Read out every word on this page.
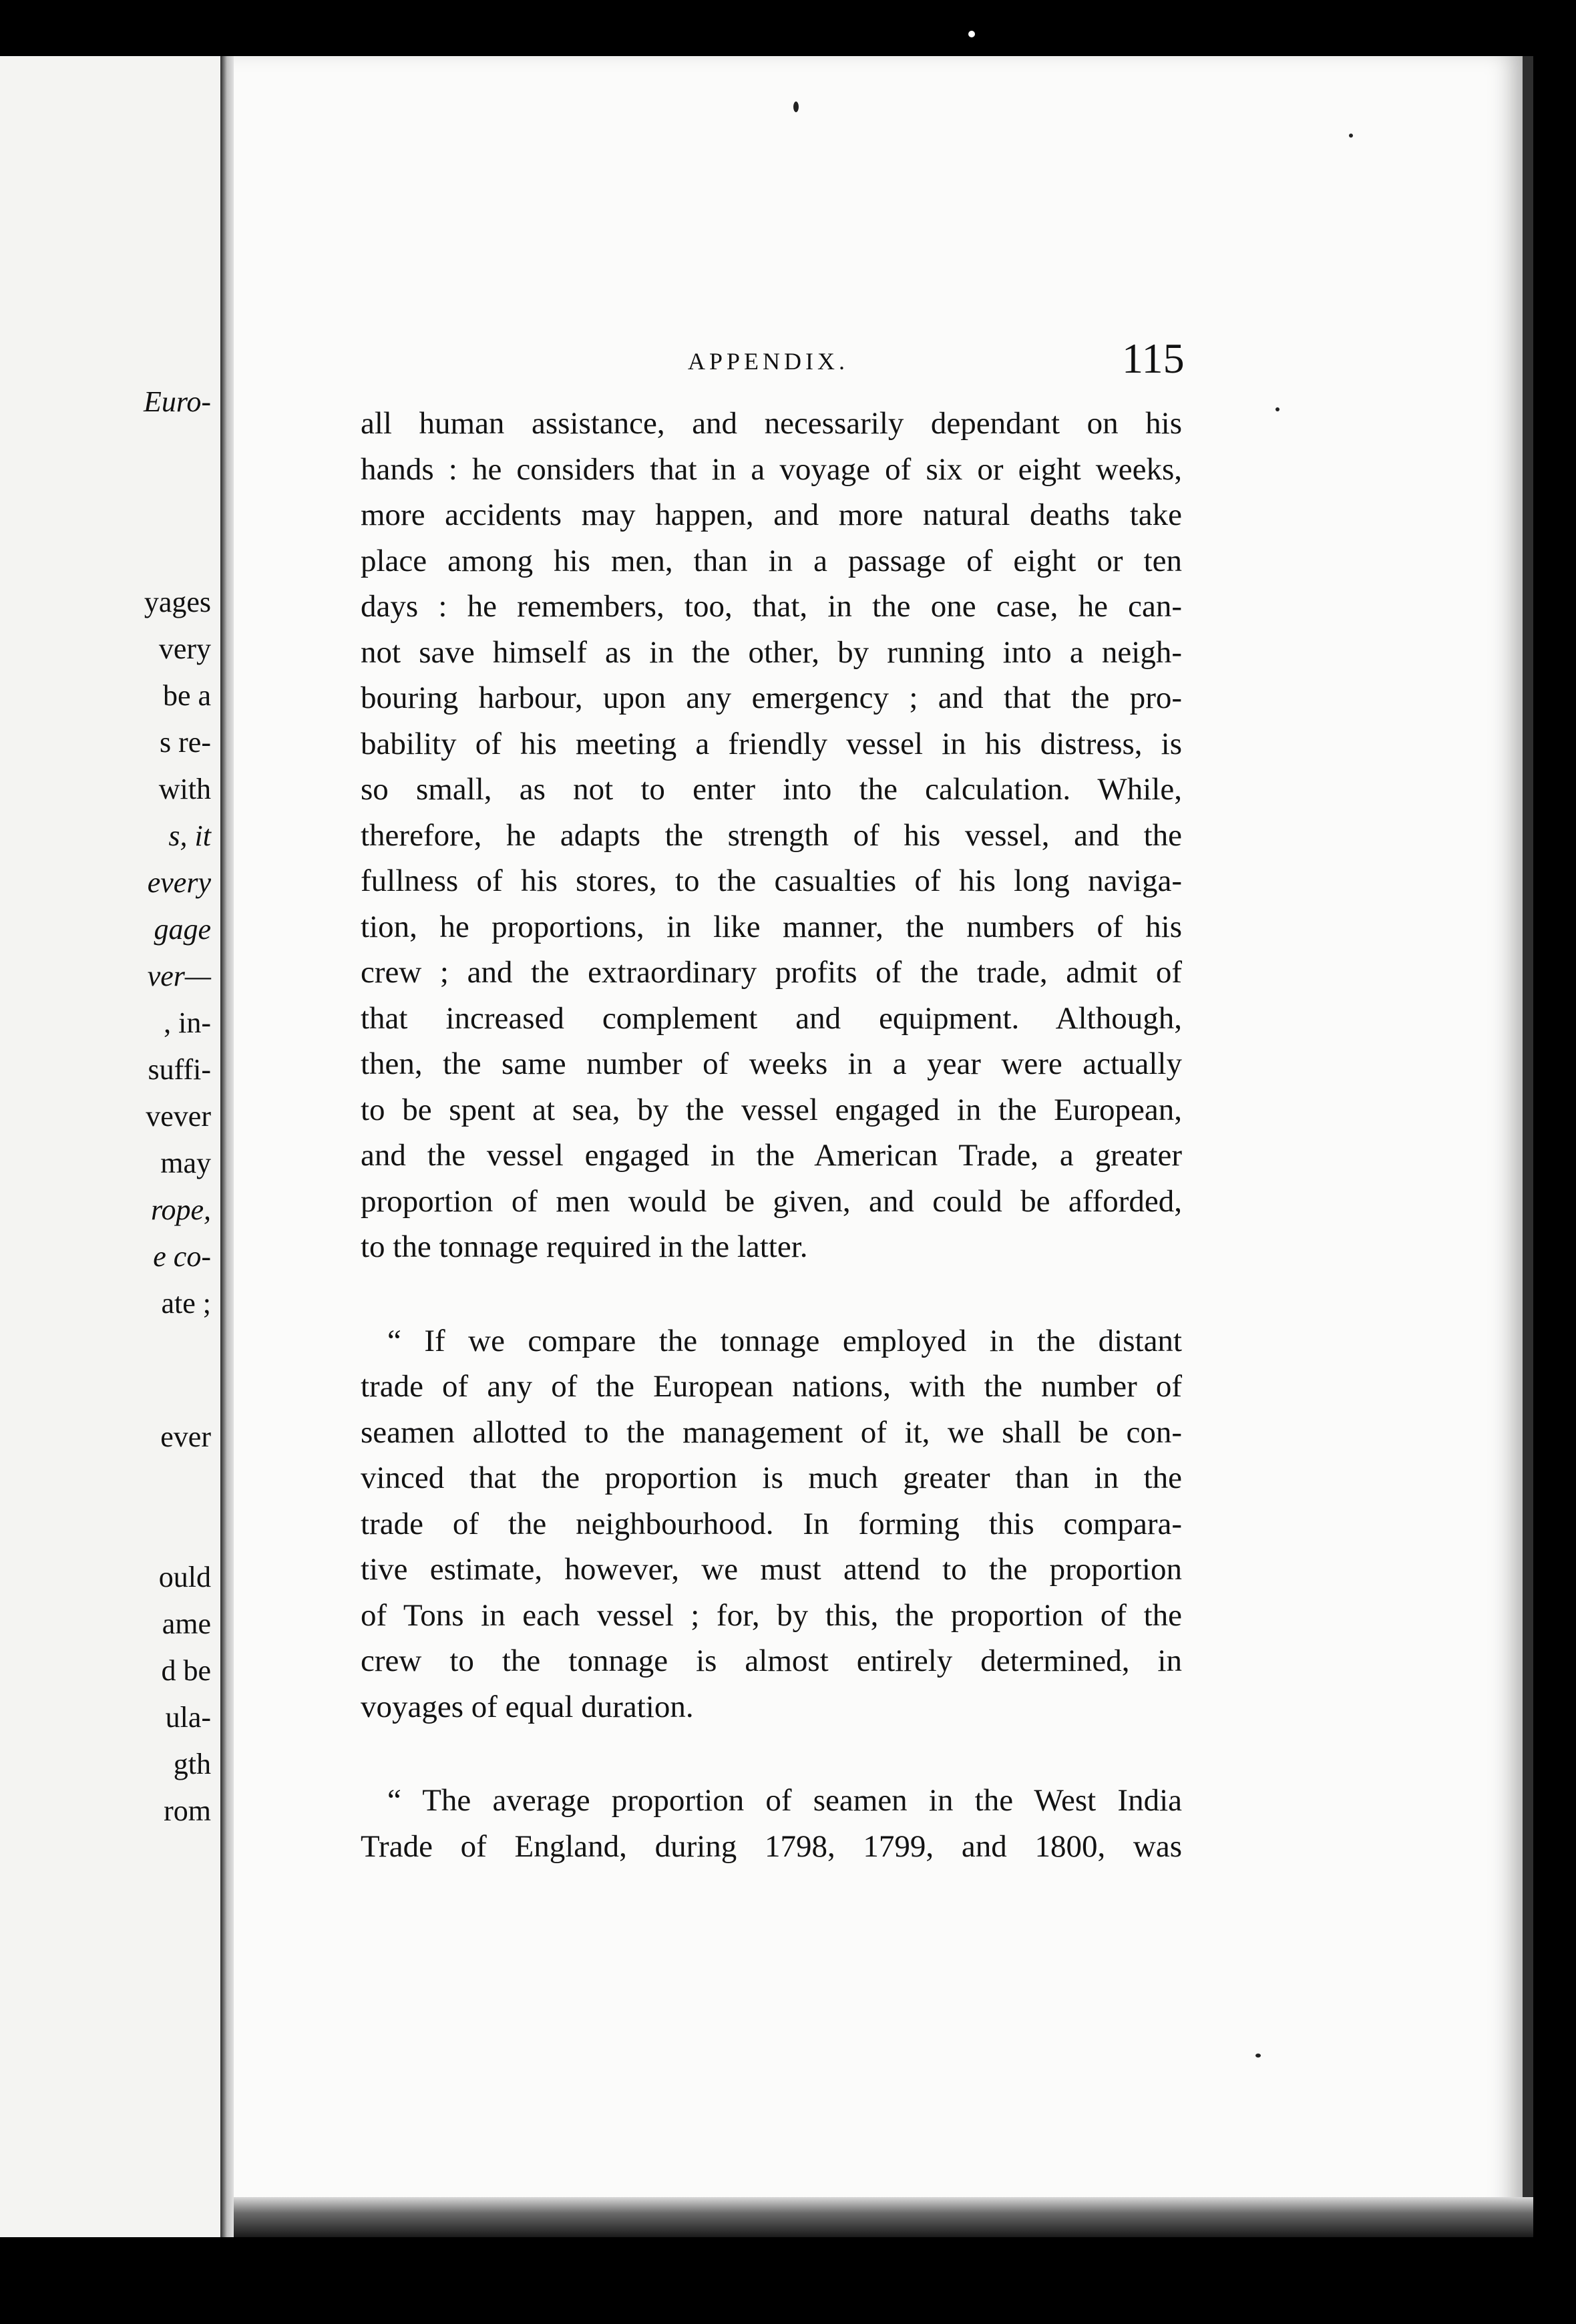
Euro-
yages
very
be a
s re-
with
s, it
every
gage
ver—
, in-
suffi-
vever
may
rope,
e co-
ate ;
ever
ould
ame
d be
ula-
gth
rom
APPENDIX.	115
all human assistance, and necessarily dependant on his
hands : he considers that in a voyage of six or eight weeks,
more accidents may happen, and more natural deaths take
place among his men, than in a passage of eight or ten
days : he remembers, too, that, in the one case, he can-
not save himself as in the other, by running into a neigh-
bouring harbour, upon any emergency ; and that the pro-
bability of his meeting a friendly vessel in his distress, is
so small, as not to enter into the calculation. While,
therefore, he adapts the strength of his vessel, and the
fullness of his stores, to the casualties of his long naviga-
tion, he proportions, in like manner, the numbers of his
crew ; and the extraordinary profits of the trade, admit of
that increased complement and equipment. Although,
then, the same number of weeks in a year were actually
to be spent at sea, by the vessel engaged in the European,
and the vessel engaged in the American Trade, a greater
proportion of men would be given, and could be afforded,
to the tonnage required in the latter.
“ If we compare the tonnage employed in the distant
trade of any of the European nations, with the number of
seamen allotted to the management of it, we shall be con-
vinced that the proportion is much greater than in the
trade of the neighbourhood. In forming this compara-
tive estimate, however, we must attend to the proportion
of Tons in each vessel ; for, by this, the proportion of the
crew to the tonnage is almost entirely determined, in
voyages of equal duration.
“ The average proportion of seamen in the West India
Trade of England, during 1798, 1799, and 1800, was
